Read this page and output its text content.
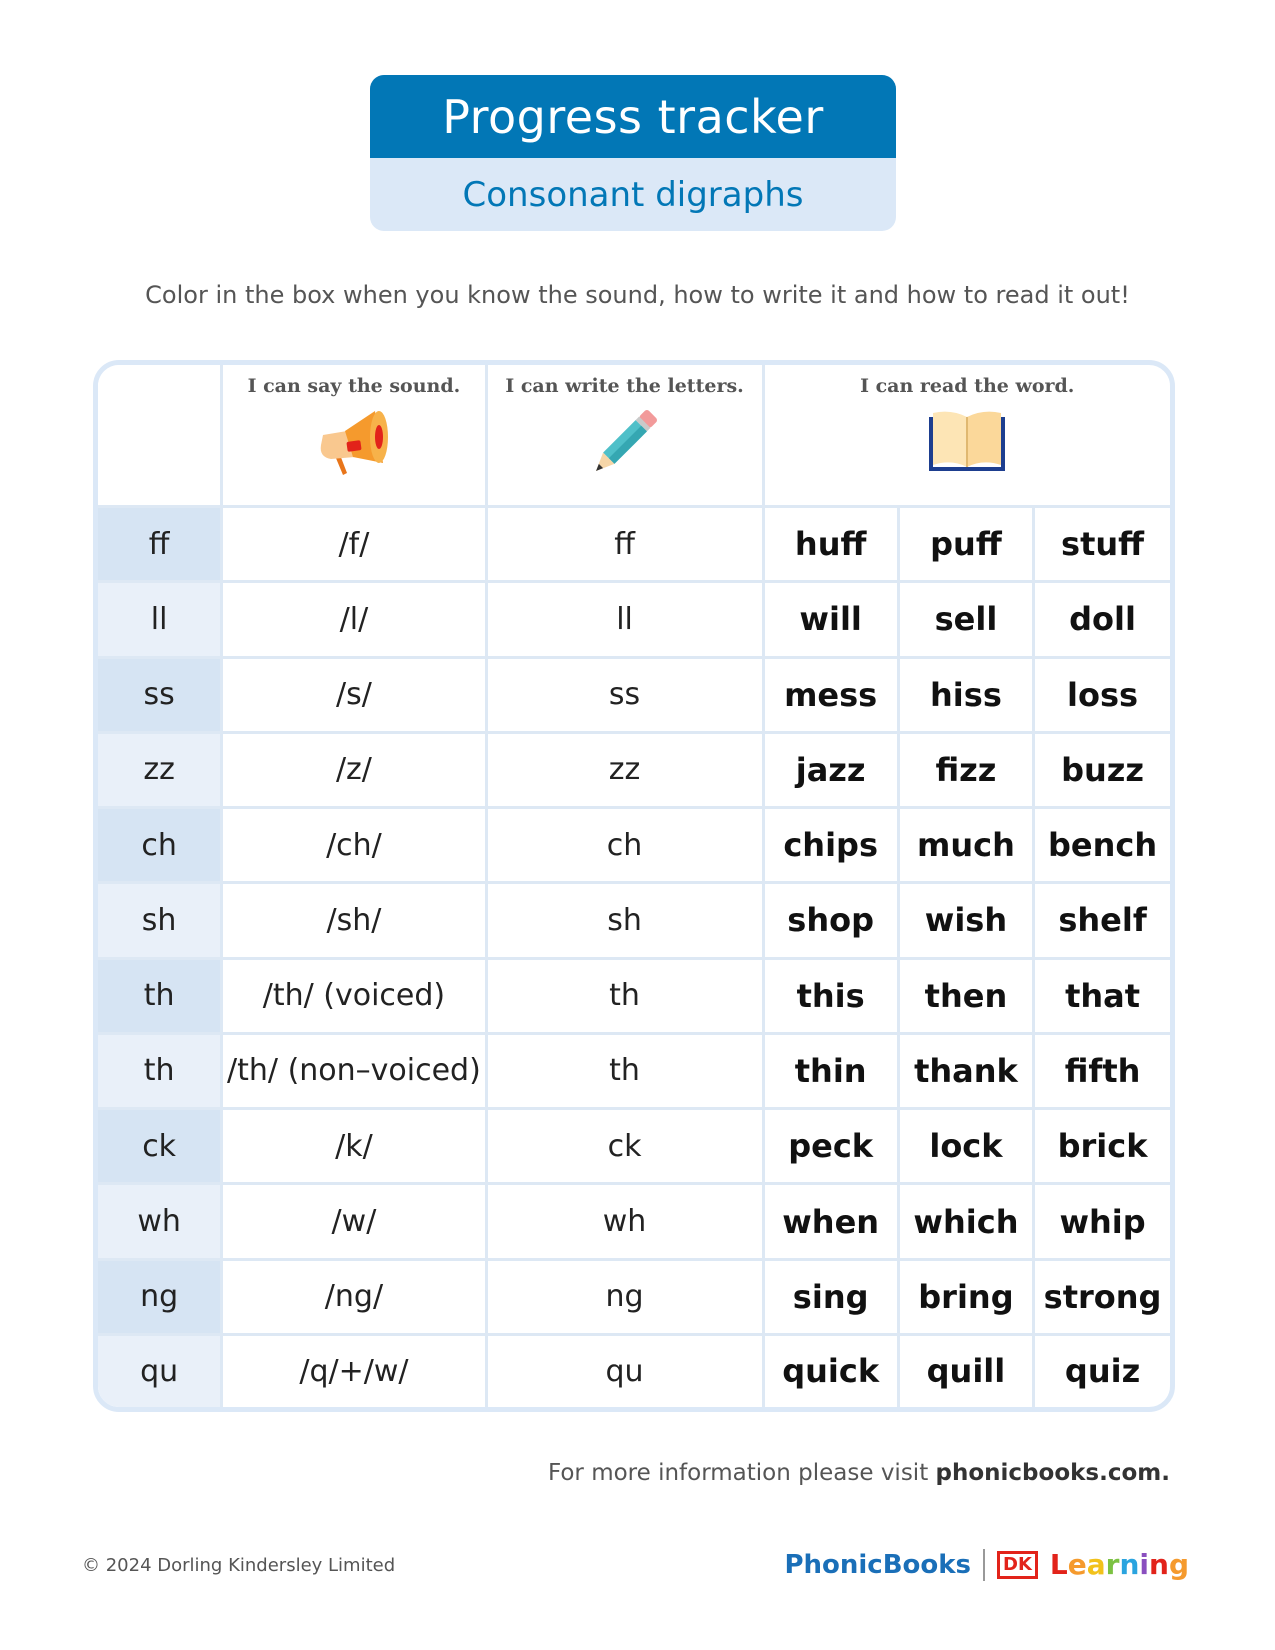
Progress tracker
Consonant digraphs
Color in the box when you know the sound, how to write it and how to read it out!
	I can say the sound.	I can write the letters.	I can read the word.		

ff	/f/	ff	huff	puff	stuff
ll	/l/	ll	will	sell	doll
ss	/s/	ss	mess	hiss	loss
zz	/z/	zz	jazz	fizz	buzz
ch	/ch/	ch	chips	much	bench
sh	/sh/	sh	shop	wish	shelf
th	/th/ (voiced)	th	this	then	that
th	/th/ (non–voiced)	th	thin	thank	fifth
ck	/k/	ck	peck	lock	brick
wh	/w/	wh	when	which	whip
ng	/ng/	ng	sing	bring	strong
qu	/q/+/w/	qu	quick	quill	quiz
For more information please visit phonicbooks.com.
© 2024 Dorling Kindersley Limited	PhonicBooks	DK Learning
